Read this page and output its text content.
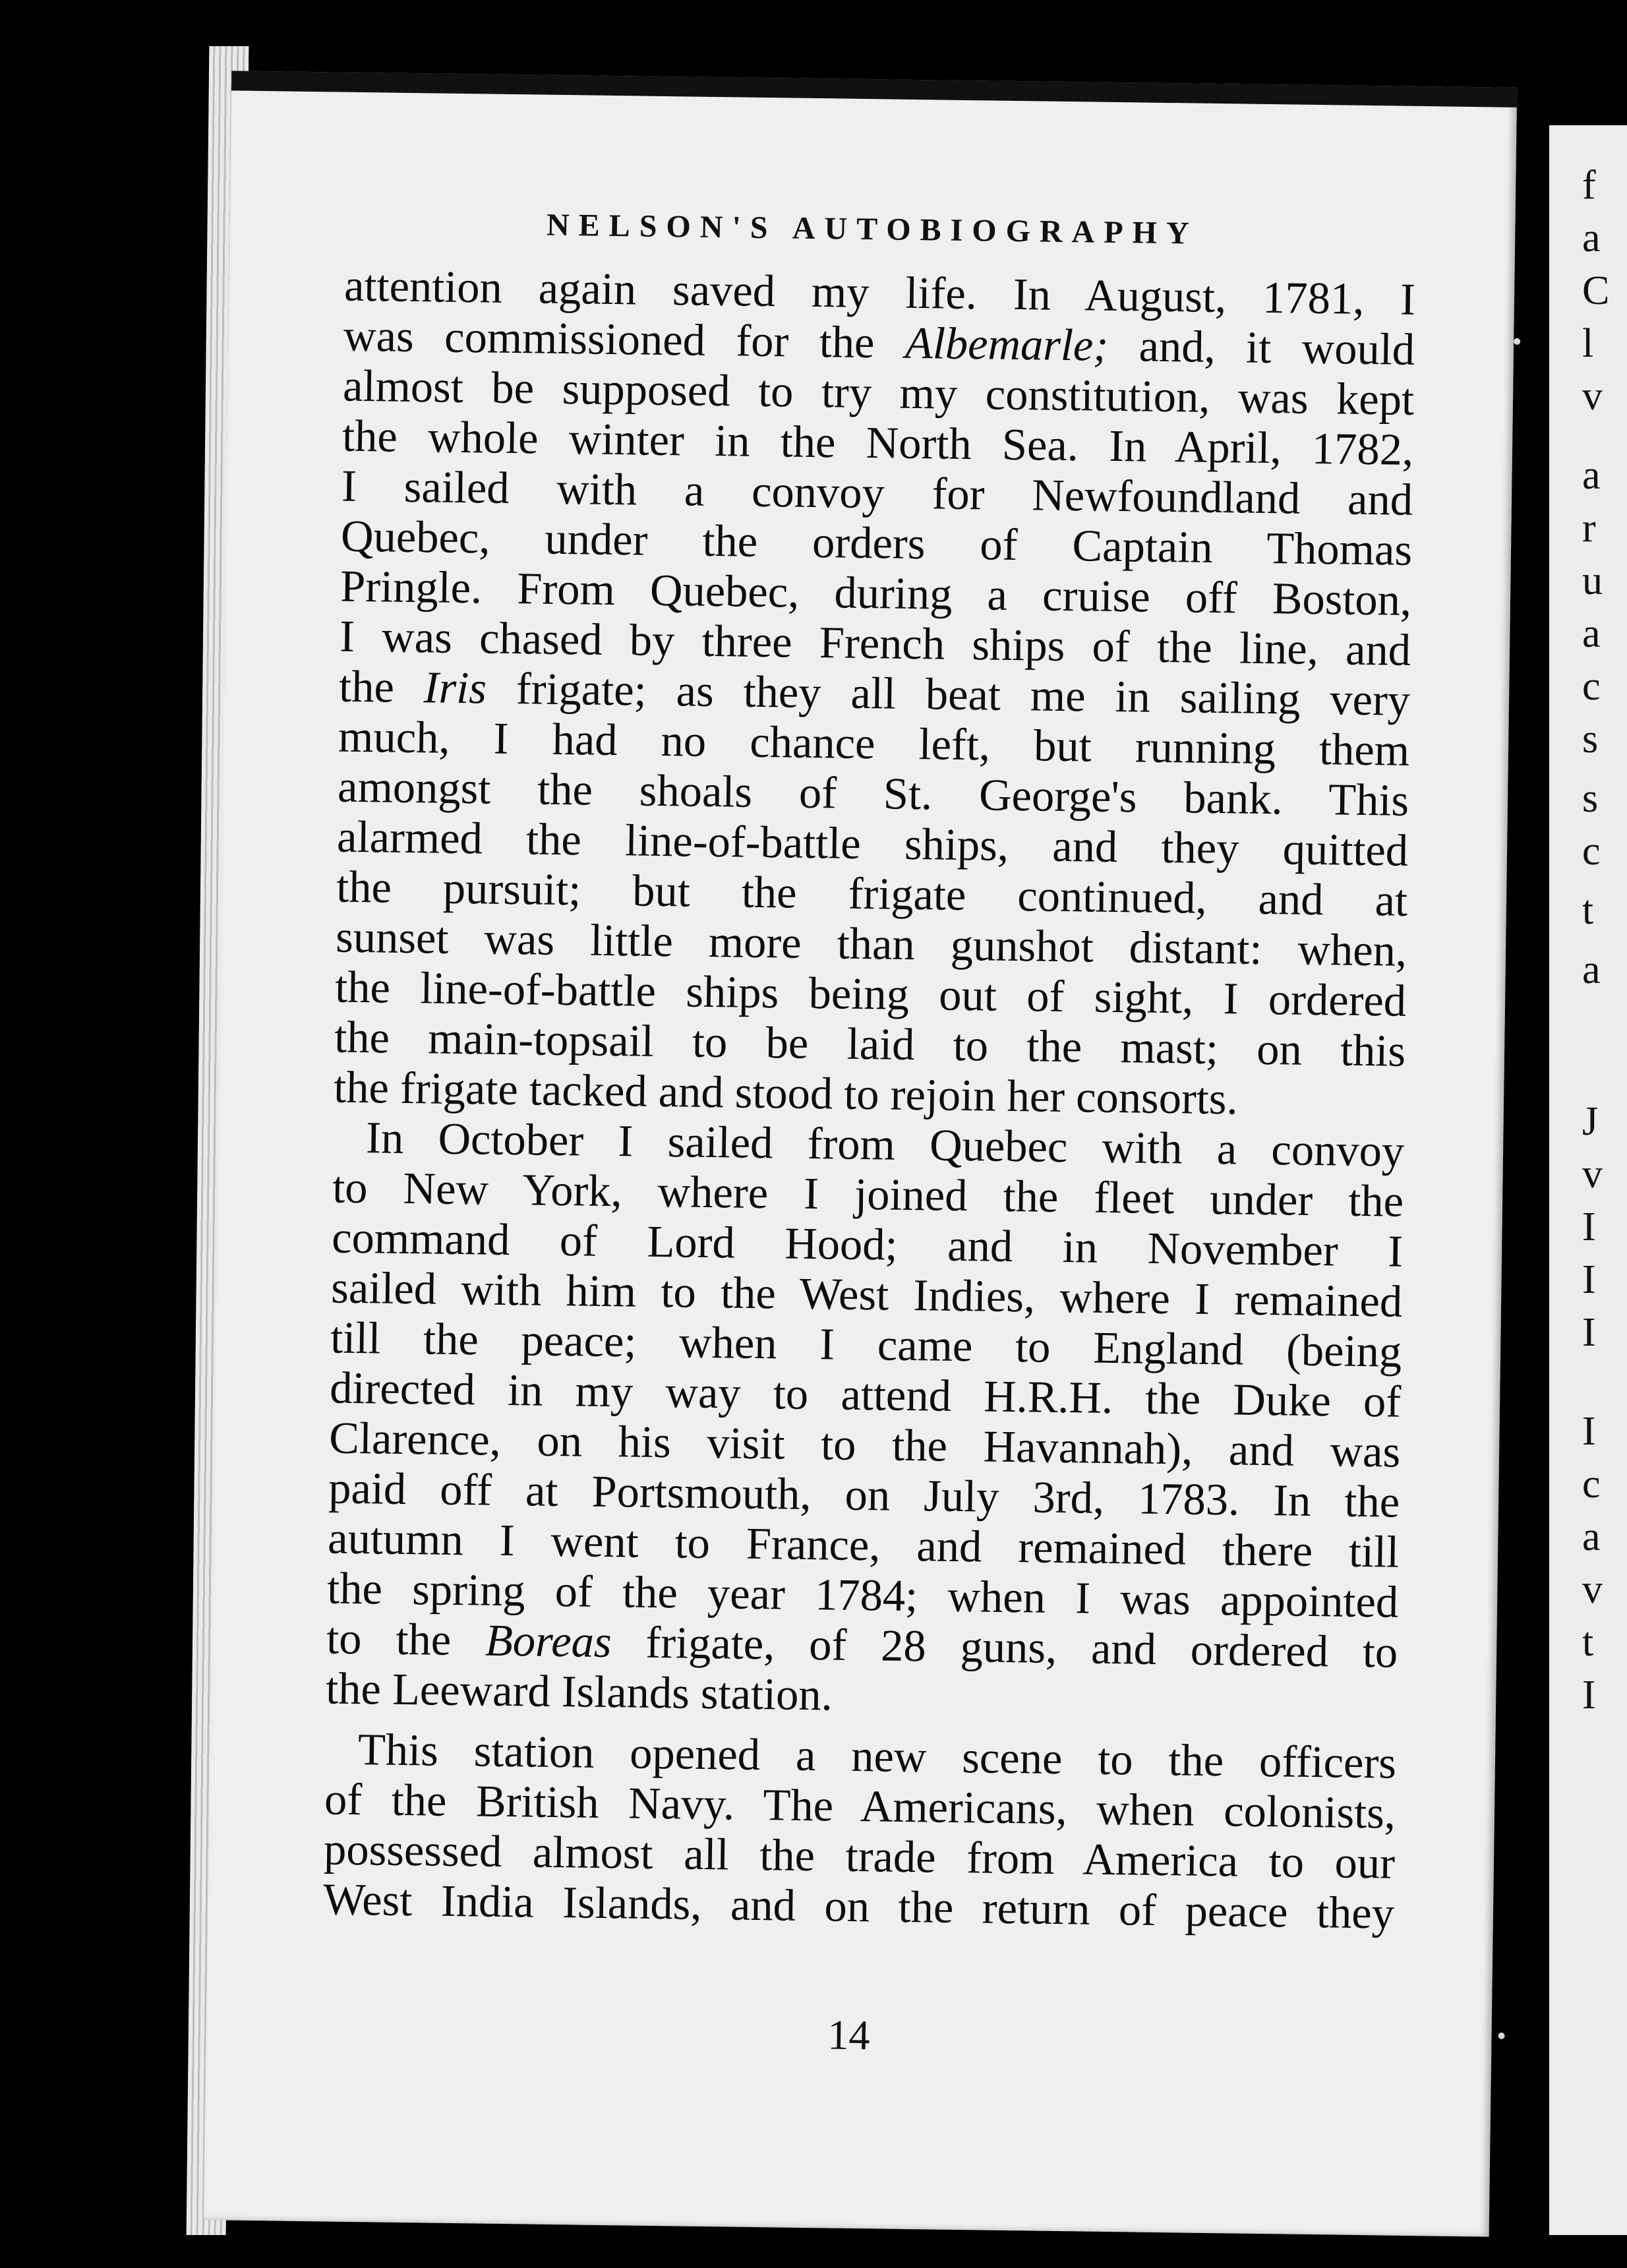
NELSON'S AUTOBIOGRAPHY
attention again saved my life. In August, 1781, I
was commissioned for the Albemarle; and, it would
almost be supposed to try my constitution, was kept
the whole winter in the North Sea. In April, 1782,
I sailed with a convoy for Newfoundland and
Quebec, under the orders of Captain Thomas
Pringle. From Quebec, during a cruise off Boston,
I was chased by three French ships of the line, and
the Iris frigate; as they all beat me in sailing very
much, I had no chance left, but running them
amongst the shoals of St. George's bank. This
alarmed the line-of-battle ships, and they quitted
the pursuit; but the frigate continued, and at
sunset was little more than gunshot distant: when,
the line-of-battle ships being out of sight, I ordered
the main-topsail to be laid to the mast; on this
the frigate tacked and stood to rejoin her consorts.
In October I sailed from Quebec with a convoy
to New York, where I joined the fleet under the
command of Lord Hood; and in November I
sailed with him to the West Indies, where I remained
till the peace; when I came to England (being
directed in my way to attend H.R.H. the Duke of
Clarence, on his visit to the Havannah), and was
paid off at Portsmouth, on July 3rd, 1783. In the
autumn I went to France, and remained there till
the spring of the year 1784; when I was appointed
to the Boreas frigate, of 28 guns, and ordered to
the Leeward Islands station.
This station opened a new scene to the officers
of the British Navy. The Americans, when colonists,
possessed almost all the trade from America to our
West India Islands, and on the return of peace they
14
f
a
C
l
v
a
r
u
a
c
s
s
c
t
a
J
v
I
I
I
I
c
a
v
t
I
